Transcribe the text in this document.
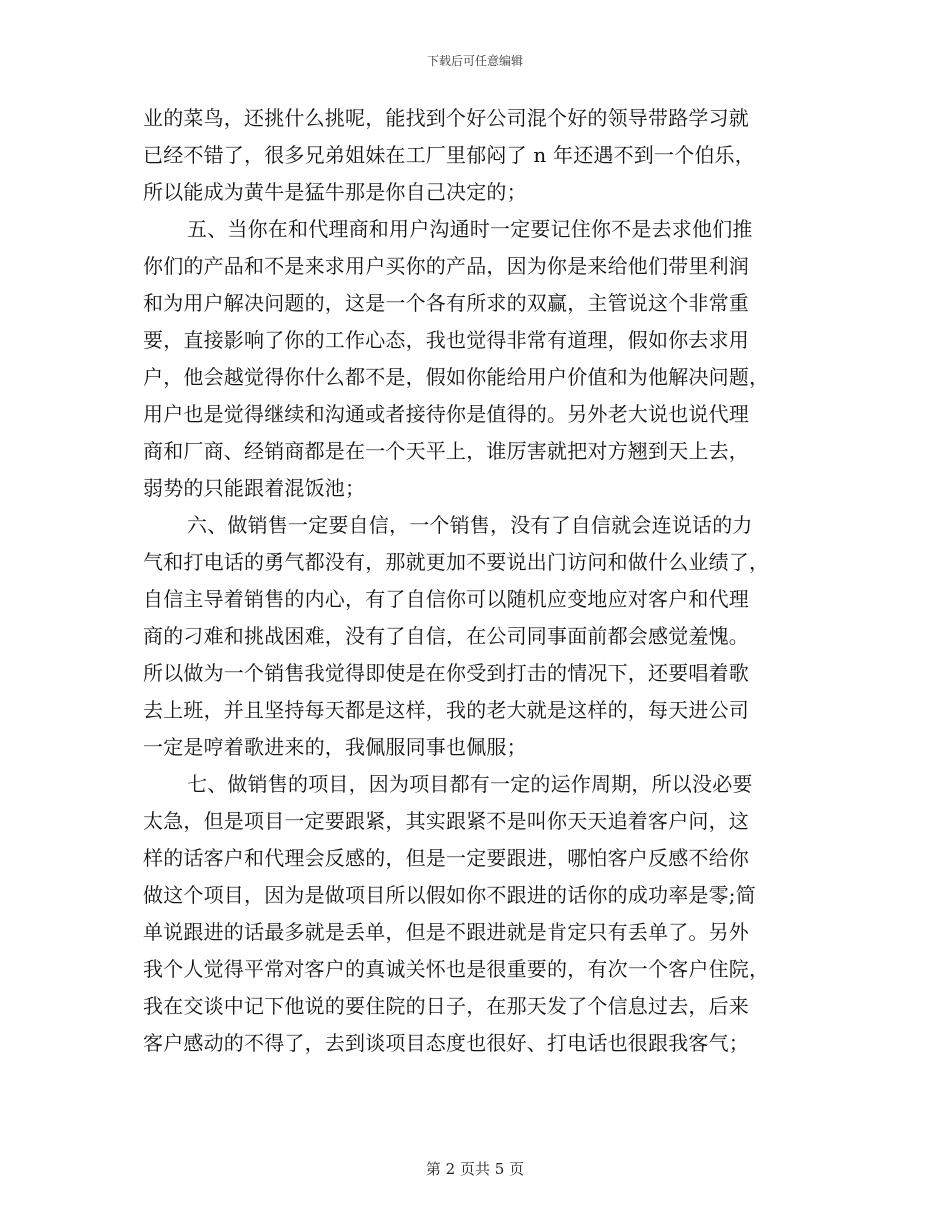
下载后可任意编辑
业的菜鸟，还挑什么挑呢，能找到个好公司混个好的领导带路学习就
已经不错了，很多兄弟姐妹在工厂里郁闷了 n 年还遇不到一个伯乐，
所以能成为黄牛是猛牛那是你自己决定的；
五、当你在和代理商和用户沟通时一定要记住你不是去求他们推
你们的产品和不是来求用户买你的产品，因为你是来给他们带里利润
和为用户解决问题的，这是一个各有所求的双赢，主管说这个非常重
要，直接影响了你的工作心态，我也觉得非常有道理，假如你去求用
户，他会越觉得你什么都不是，假如你能给用户价值和为他解决问题，
用户也是觉得继续和沟通或者接待你是值得的。另外老大说也说代理
商和厂商、经销商都是在一个天平上，谁厉害就把对方翘到天上去，
弱势的只能跟着混饭池；
六、做销售一定要自信，一个销售，没有了自信就会连说话的力
气和打电话的勇气都没有，那就更加不要说出门访问和做什么业绩了，
自信主导着销售的内心，有了自信你可以随机应变地应对客户和代理
商的刁难和挑战困难，没有了自信，在公司同事面前都会感觉羞愧。
所以做为一个销售我觉得即使是在你受到打击的情况下，还要唱着歌
去上班，并且坚持每天都是这样，我的老大就是这样的，每天进公司
一定是哼着歌进来的，我佩服同事也佩服；
七、做销售的项目，因为项目都有一定的运作周期，所以没必要
太急，但是项目一定要跟紧，其实跟紧不是叫你天天追着客户问，这
样的话客户和代理会反感的，但是一定要跟进，哪怕客户反感不给你
做这个项目，因为是做项目所以假如你不跟进的话你的成功率是零;简
单说跟进的话最多就是丢单，但是不跟进就是肯定只有丢单了。另外
我个人觉得平常对客户的真诚关怀也是很重要的，有次一个客户住院，
我在交谈中记下他说的要住院的日子，在那天发了个信息过去，后来
客户感动的不得了，去到谈项目态度也很好、打电话也很跟我客气；
第 2 页共 5 页
